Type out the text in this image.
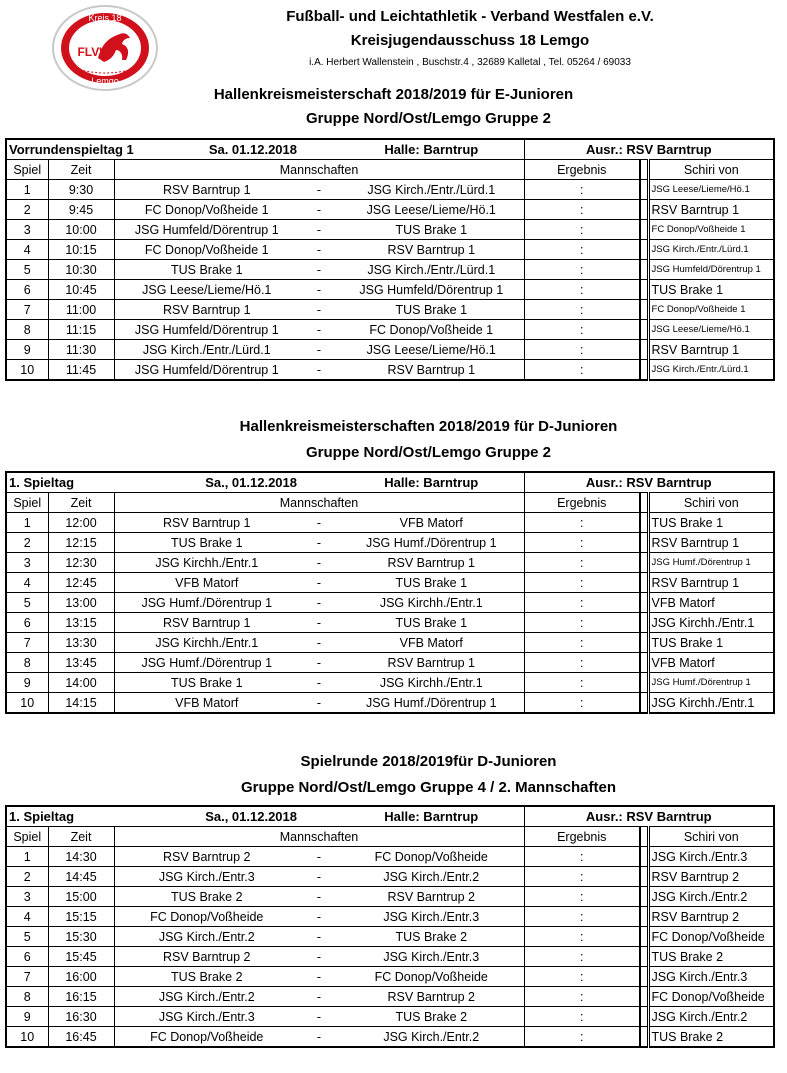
Kreis 18
Lemgo
FLVW
Fußball- und Leichtathletik - Verband Westfalen e.V.
Kreisjugendausschuss 18 Lemgo
i.A. Herbert Wallenstein , Buschstr.4 , 32689 Kalletal , Tel. 05264 / 69033
Hallenkreismeisterschaft 2018/2019 für E-Junioren
Gruppe Nord/Ost/Lemgo Gruppe 2
Hallenkreismeisterschaften 2018/2019 für D-Junioren
Gruppe Nord/Ost/Lemgo Gruppe 2
Spielrunde 2018/2019für D-Junioren
Gruppe Nord/Ost/Lemgo Gruppe 4 / 2. Mannschaften
Vorrundenspieltag 1		Sa. 01.12.2018		Halle: Barntrup	Ausr.: RSV Barntrup		
Spiel	Zeit	Mannschaften			Ergebnis		Schiri von
1	9:30	RSV Barntrup 1	-	JSG Kirch./Entr./Lürd.1	:		JSG Leese/Lieme/Hö.1
2	9:45	FC Donop/Voßheide 1	-	JSG Leese/Lieme/Hö.1	:		RSV Barntrup 1
3	10:00	JSG Humfeld/Dörentrup 1	-	TUS Brake 1	:		FC Donop/Voßheide 1
4	10:15	FC Donop/Voßheide 1	-	RSV Barntrup 1	:		JSG Kirch./Entr./Lürd.1
5	10:30	TUS Brake 1	-	JSG Kirch./Entr./Lürd.1	:		JSG Humfeld/Dörentrup 1
6	10:45	JSG Leese/Lieme/Hö.1	-	JSG Humfeld/Dörentrup 1	:		TUS Brake 1
7	11:00	RSV Barntrup 1	-	TUS Brake 1	:		FC Donop/Voßheide 1
8	11:15	JSG Humfeld/Dörentrup 1	-	FC Donop/Voßheide 1	:		JSG Leese/Lieme/Hö.1
9	11:30	JSG Kirch./Entr./Lürd.1	-	JSG Leese/Lieme/Hö.1	:		RSV Barntrup 1
10	11:45	JSG Humfeld/Dörentrup 1	-	RSV Barntrup 1	:		JSG Kirch./Entr./Lürd.1
1. Spieltag		Sa., 01.12.2018		Halle: Barntrup	Ausr.: RSV Barntrup		
Spiel	Zeit	Mannschaften			Ergebnis		Schiri von
1	12:00	RSV Barntrup 1	-	VFB Matorf	:		TUS Brake 1
2	12:15	TUS Brake 1	-	JSG Humf./Dörentrup 1	:		RSV Barntrup 1
3	12:30	JSG Kirchh./Entr.1	-	RSV Barntrup 1	:		JSG Humf./Dörentrup 1
4	12:45	VFB Matorf	-	TUS Brake 1	:		RSV Barntrup 1
5	13:00	JSG Humf./Dörentrup 1	-	JSG Kirchh./Entr.1	:		VFB Matorf
6	13:15	RSV Barntrup 1	-	TUS Brake 1	:		JSG Kirchh./Entr.1
7	13:30	JSG Kirchh./Entr.1	-	VFB Matorf	:		TUS Brake 1
8	13:45	JSG Humf./Dörentrup 1	-	RSV Barntrup 1	:		VFB Matorf
9	14:00	TUS Brake 1	-	JSG Kirchh./Entr.1	:		JSG Humf./Dörentrup 1
10	14:15	VFB Matorf	-	JSG Humf./Dörentrup 1	:		JSG Kirchh./Entr.1
1. Spieltag		Sa., 01.12.2018		Halle: Barntrup	Ausr.: RSV Barntrup		
Spiel	Zeit	Mannschaften			Ergebnis		Schiri von
1	14:30	RSV Barntrup 2	-	FC Donop/Voßheide	:		JSG Kirch./Entr.3
2	14:45	JSG Kirch./Entr.3	-	JSG Kirch./Entr.2	:		RSV Barntrup 2
3	15:00	TUS Brake 2	-	RSV Barntrup 2	:		JSG Kirch./Entr.2
4	15:15	FC Donop/Voßheide	-	JSG Kirch./Entr.3	:		RSV Barntrup 2
5	15:30	JSG Kirch./Entr.2	-	TUS Brake 2	:		FC Donop/Voßheide
6	15:45	RSV Barntrup 2	-	JSG Kirch./Entr.3	:		TUS Brake 2
7	16:00	TUS Brake 2	-	FC Donop/Voßheide	:		JSG Kirch./Entr.3
8	16:15	JSG Kirch./Entr.2	-	RSV Barntrup 2	:		FC Donop/Voßheide
9	16:30	JSG Kirch./Entr.3	-	TUS Brake 2	:		JSG Kirch./Entr.2
10	16:45	FC Donop/Voßheide	-	JSG Kirch./Entr.2	:		TUS Brake 2
